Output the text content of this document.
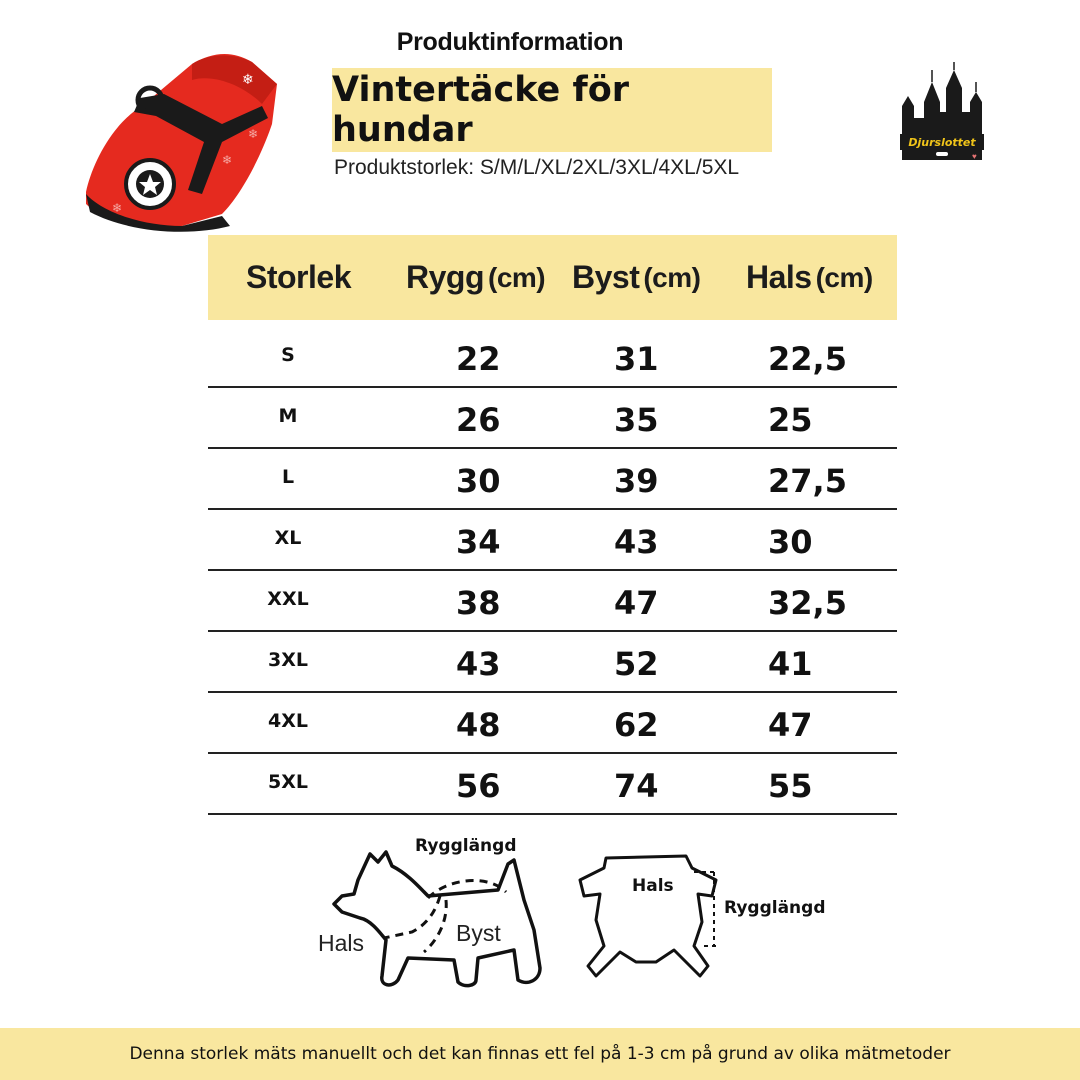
Produktinformation
Vintertäcke för hundar
Produktstorlek: S/M/L/XL/2XL/3XL/4XL/5XL
❄
❄
❄
❄
Djurslottet
♥
Storlek Rygg (cm) Byst (cm) Hals (cm)
S	22	31	22,5
M	26	35	25
L	30	39	27,5
XL	34	43	30
XXL	38	47	32,5
3XL	43	52	41
4XL	48	62	47
5XL	56	74	55
Rygglängd
Hals	Byst
Hals
Rygglängd
Denna storlek mäts manuellt och det kan finnas ett fel på 1-3 cm på grund av olika mätmetoder
